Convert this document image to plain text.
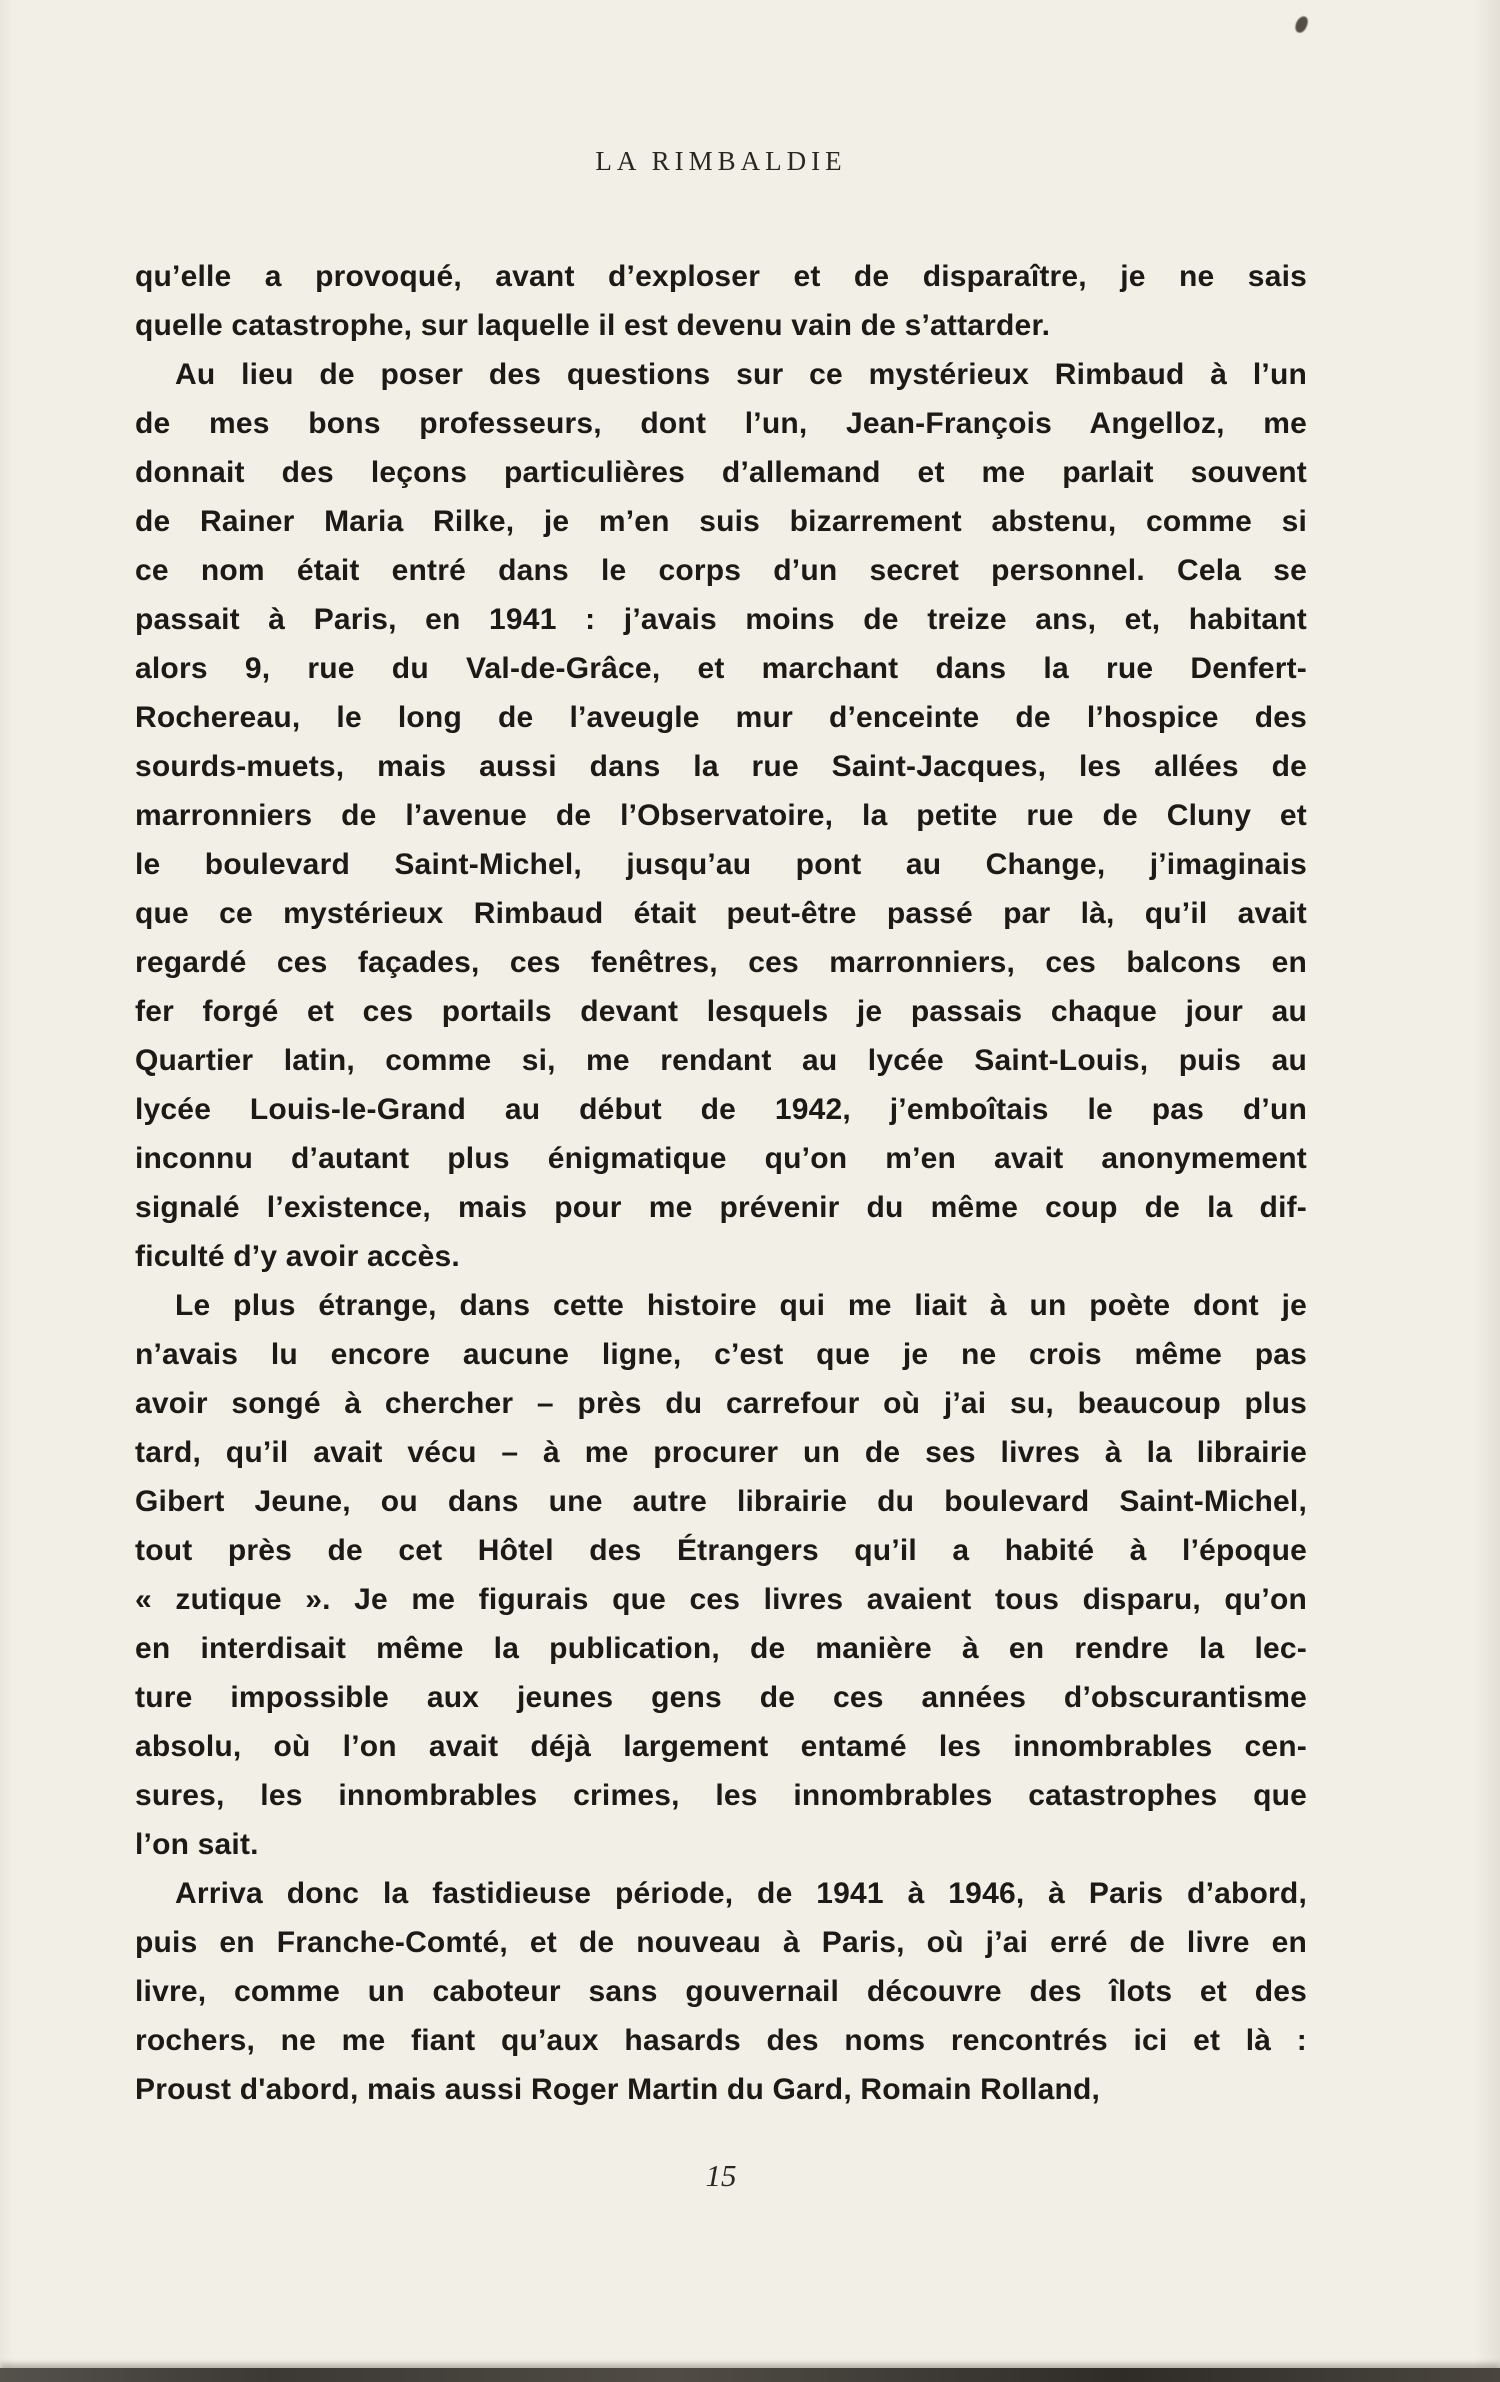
LA RIMBALDIE
qu’elle a provoqué, avant d’exploser et de disparaître, je ne sais
quelle catastrophe, sur laquelle il est devenu vain de s’attarder.
Au lieu de poser des questions sur ce mystérieux Rimbaud à l’un
de mes bons professeurs, dont l’un, Jean-François Angelloz, me
donnait des leçons particulières d’allemand et me parlait souvent
de Rainer Maria Rilke, je m’en suis bizarrement abstenu, comme si
ce nom était entré dans le corps d’un secret personnel. Cela se
passait à Paris, en 1941 : j’avais moins de treize ans, et, habitant
alors 9, rue du Val-de-Grâce, et marchant dans la rue Denfert-
Rochereau, le long de l’aveugle mur d’enceinte de l’hospice des
sourds-muets, mais aussi dans la rue Saint-Jacques, les allées de
marronniers de l’avenue de l’Observatoire, la petite rue de Cluny et
le boulevard Saint-Michel, jusqu’au pont au Change, j’imaginais
que ce mystérieux Rimbaud était peut-être passé par là, qu’il avait
regardé ces façades, ces fenêtres, ces marronniers, ces balcons en
fer forgé et ces portails devant lesquels je passais chaque jour au
Quartier latin, comme si, me rendant au lycée Saint-Louis, puis au
lycée Louis-le-Grand au début de 1942, j’emboîtais le pas d’un
inconnu d’autant plus énigmatique qu’on m’en avait anonymement
signalé l’existence, mais pour me prévenir du même coup de la dif-
ficulté d’y avoir accès.
Le plus étrange, dans cette histoire qui me liait à un poète dont je
n’avais lu encore aucune ligne, c’est que je ne crois même pas
avoir songé à chercher – près du carrefour où j’ai su, beaucoup plus
tard, qu’il avait vécu – à me procurer un de ses livres à la librairie
Gibert Jeune, ou dans une autre librairie du boulevard Saint-Michel,
tout près de cet Hôtel des Étrangers qu’il a habité à l’époque
« zutique ». Je me figurais que ces livres avaient tous disparu, qu’on
en interdisait même la publication, de manière à en rendre la lec-
ture impossible aux jeunes gens de ces années d’obscurantisme
absolu, où l’on avait déjà largement entamé les innombrables cen-
sures, les innombrables crimes, les innombrables catastrophes que
l’on sait.
Arriva donc la fastidieuse période, de 1941 à 1946, à Paris d’abord,
puis en Franche-Comté, et de nouveau à Paris, où j’ai erré de livre en
livre, comme un caboteur sans gouvernail découvre des îlots et des
rochers, ne me fiant qu’aux hasards des noms rencontrés ici et là :
Proust d'abord, mais aussi Roger Martin du Gard, Romain Rolland,
15
